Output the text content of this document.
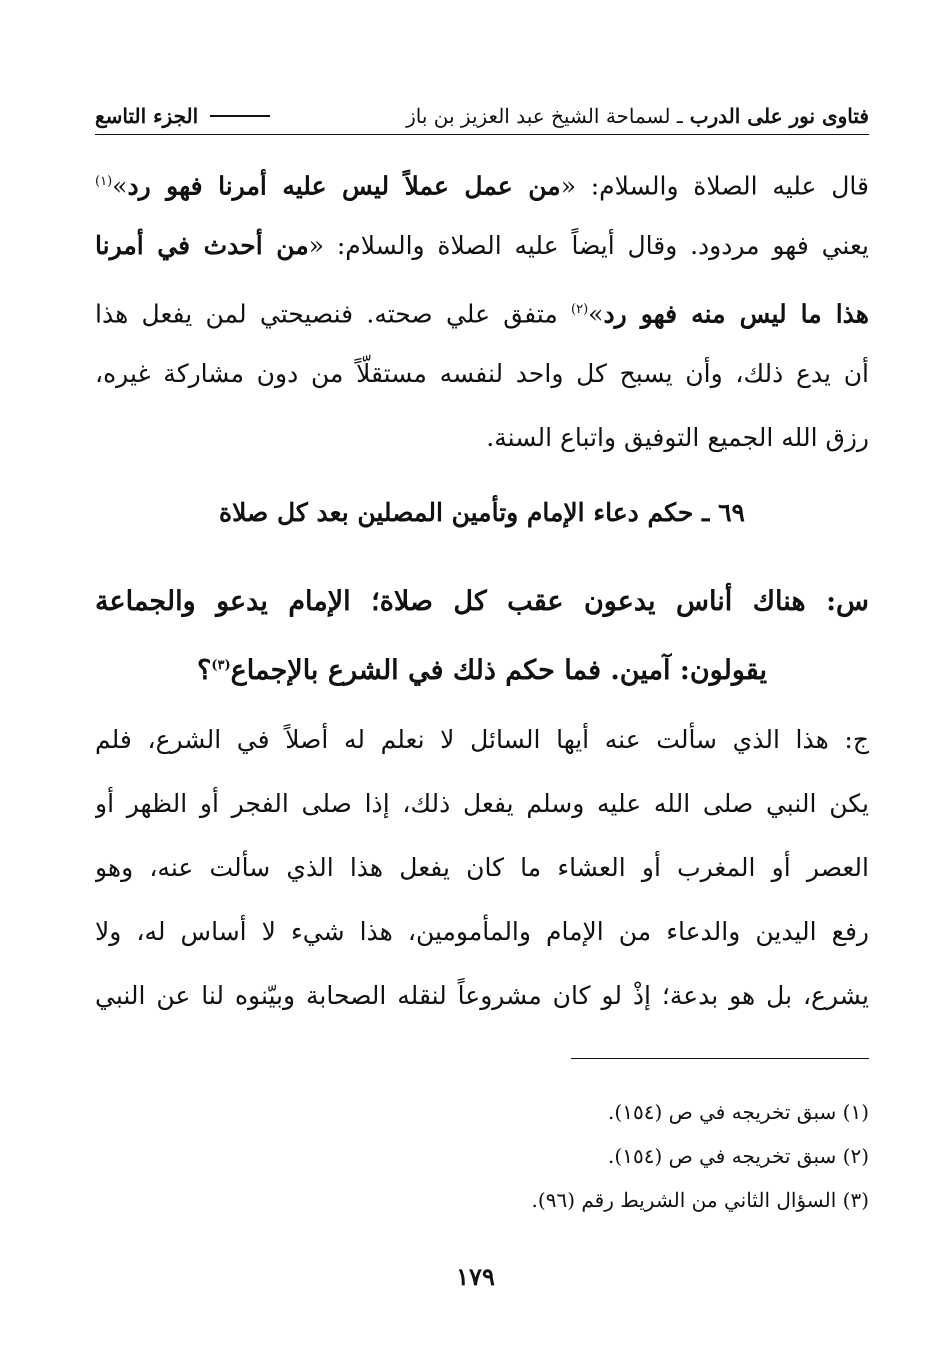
فتاوى نور على الدرب ـ لسماحة الشيخ عبد العزيز بن باز
الجزء التاسع
قال عليه الصلاة والسلام: «من عمل عملاً ليس عليه أمرنا فهو رد»$^{(١)}$
يعني فهو مردود. وقال أيضاً عليه الصلاة والسلام: «من أحدث في أمرنا
هذا ما ليس منه فهو رد»$^{(٢)}$ متفق علي صحته. فنصيحتي لمن يفعل هذا
أن يدع ذلك، وأن يسبح كل واحد لنفسه مستقلّاً من دون مشاركة غيره،
رزق الله الجميع التوفيق واتباع السنة.
٦٩ ـ حكم دعاء الإمام وتأمين المصلين بعد كل صلاة
س: هناك أناس يدعون عقب كل صلاة؛ الإمام يدعو والجماعة
يقولون: آمين. فما حكم ذلك في الشرع بالإجماع$^{(٣)}$؟
ج: هذا الذي سألت عنه أيها السائل لا نعلم له أصلاً في الشرع، فلم
يكن النبي صلى الله عليه وسلم يفعل ذلك، إذا صلى الفجر أو الظهر أو
العصر أو المغرب أو العشاء ما كان يفعل هذا الذي سألت عنه، وهو
رفع اليدين والدعاء من الإمام والمأمومين، هذا شيء لا أساس له، ولا
يشرع، بل هو بدعة؛ إذْ لو كان مشروعاً لنقله الصحابة وبيّنوه لنا عن النبي
(١) سبق تخريجه في ص (١٥٤).
(٢) سبق تخريجه في ص (١٥٤).
(٣) السؤال الثاني من الشريط رقم (٩٦).
١٧٩
